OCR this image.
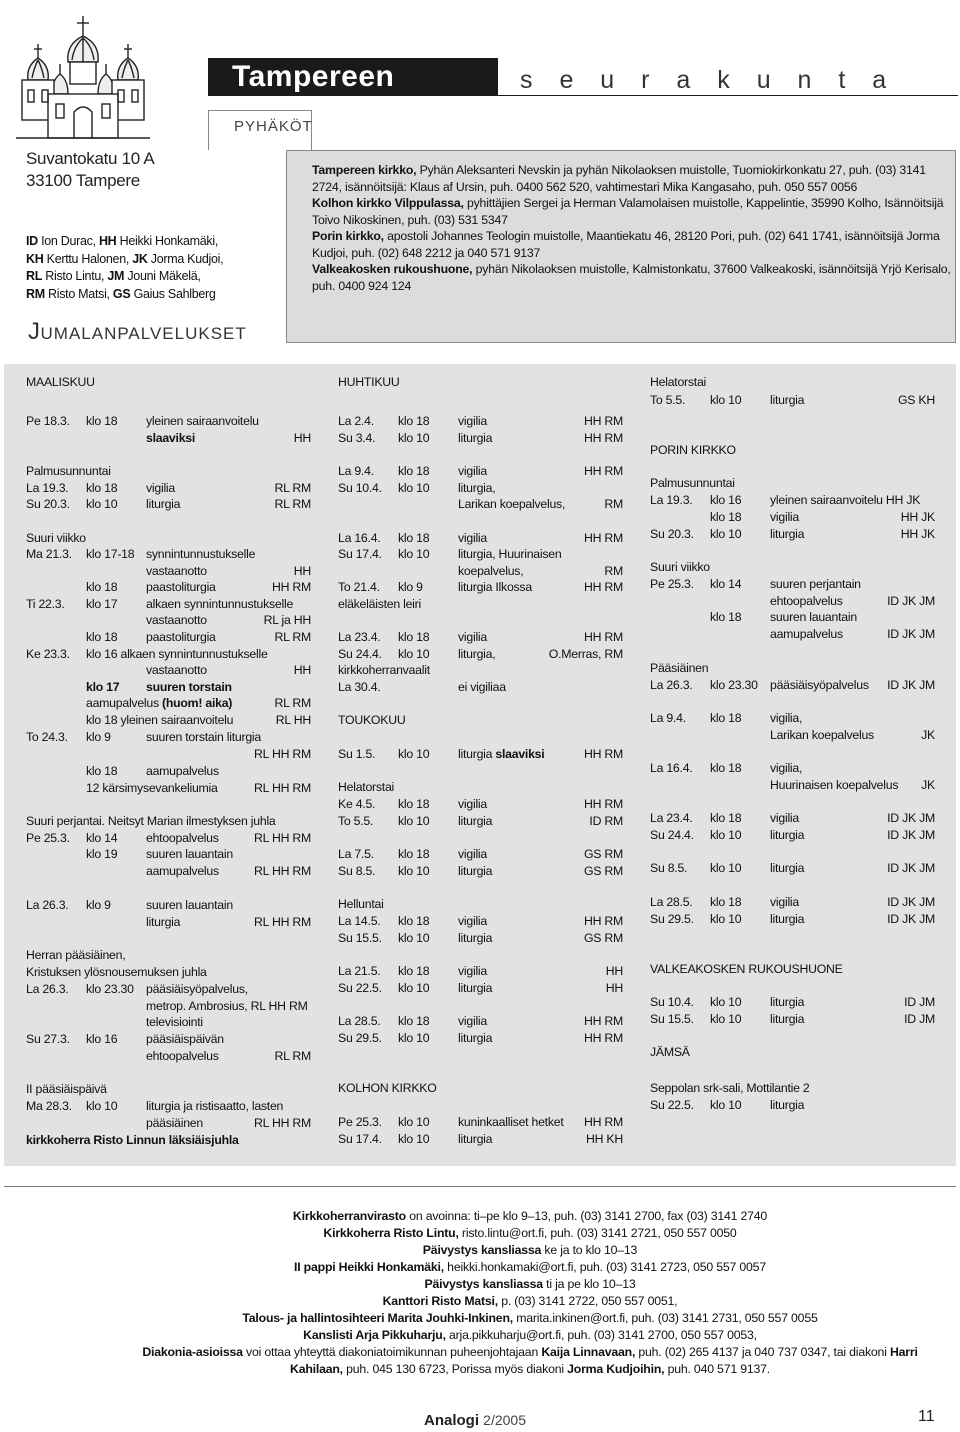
Tampereen	s e u r a k u n t a
Suvantokatu 10 A
33100 Tampere
ID Ion Durac, HH Heikki Honkamäki,
KH Kerttu Halonen, JK Jorma Kudjoi,
RL Risto Lintu, JM Jouni Mäkelä,
RM Risto Matsi, GS Gaius Sahlberg
JUMALANPALVELUKSET
PYHÄKÖT

Tampereen kirkko, Pyhän Aleksanteri Nevskin ja pyhän Nikolaoksen muistolle, Tuomiokirkonkatu 27, puh. (03) 3141 2724, isännöitsijä: Klaus af Ursin, puh. 0400 562 520, vahtimestari Mika Kangasaho, puh. 050 557 0056

Kolhon kirkko Vilppulassa, pyhittäjien Sergei ja Herman Valamolaisen muistolle, Kappelintie, 35990 Kolho, Isännöitsijä Toivo Nikoskinen, puh. (03) 531 5347

Porin kirkko, apostoli Johannes Teologin muistolle, Maantiekatu 46, 28120 Pori, puh. (02) 641 1741, isännöitsijä Jorma Kudjoi, puh. (02) 648 2212 ja 040 571 9137

Valkeakosken rukoushuone, pyhän Nikolaoksen muistolle, Kalmistonkatu, 37600 Valkeakoski, isännöitsijä Yrjö Kerisalo, puh. 0400 924 124

MAALISKUU
Pe 18.3. klo 18 yleinen sairaanvoitelu
slaaviksi	HH
Palmusunnuntai
La 19.3. klo 18 vigilia	RL RM
Su 20.3. klo 10 liturgia	RL RM
Suuri viikko
Ma 21.3. klo 17-18 synnintunnustukselle
vastaanotto	HH
klo 18 paastoliturgia	HH RM
Ti 22.3. klo 17 alkaen synnintunnustukselle
vastaanotto	RL ja HH
klo 18 paastoliturgia	RL RM
Ke 23.3. klo 16 alkaen synnintunnustukselle
vastaanotto	HH
klo 17 suuren torstain
aamupalvelus (huom! aika)	RL RM
klo 18 yleinen sairaanvoitelu	RL HH
To 24.3. klo 9	suuren torstain liturgia
RL HH RM
klo 18 aamupalvelus
12 kärsimysevankeliumia	RL HH RM
Suuri perjantai. Neitsyt Marian ilmestyksen juhla
Pe 25.3. klo 14 ehtoopalvelus	RL HH RM
klo 19 suuren lauantain
aamupalvelus	RL HH RM
La 26.3. klo 9	suuren lauantain
liturgia	RL HH RM
Herran pääsiäinen,
Kristuksen ylösnousemuksen juhla
La 26.3. klo 23.30 pääsiäisyöpalvelus,
metrop. Ambrosius, RL HH RM
televisiointi
Su 27.3. klo 16 pääsiäispäivän
ehtoopalvelus	RL RM
II pääsiäispäivä
Ma 28.3. klo 10 liturgia ja ristisaatto, lasten
pääsiäinen	RL HH RM
kirkkoherra Risto Linnun läksiäisjuhla
HUHTIKUU
La 2.4. klo 18 vigilia	HH RM
Su 3.4. klo 10 liturgia	HH RM
La 9.4. klo 18 vigilia	HH RM
Su 10.4. klo 10 liturgia,
Larikan koepalvelus,	RM
La 16.4. klo 18 vigilia	HH RM
Su 17.4. klo 10 liturgia, Huurinaisen
koepalvelus,	RM
To 21.4. klo 9	liturgia Ilkossa	HH RM
eläkeläisten leiri
La 23.4. klo 18 vigilia	HH RM
Su 24.4. klo 10 liturgia,	O.Merras, RM
kirkkoherranvaalit
La 30.4.	ei vigiliaa
TOUKOKUU
Su 1.5. klo 10 liturgia slaaviksi	HH RM
Helatorstai
Ke 4.5. klo 18 vigilia	HH RM
To 5.5. klo 10 liturgia	ID RM
La 7.5. klo 18 vigilia	GS RM
Su 8.5. klo 10 liturgia	GS RM
Helluntai
La 14.5. klo 18 vigilia	HH RM
Su 15.5. klo 10 liturgia	GS RM
La 21.5. klo 18 vigilia	HH
Su 22.5. klo 10 liturgia	HH
La 28.5. klo 18 vigilia	HH RM
Su 29.5. klo 10 liturgia	HH RM
KOLHON KIRKKO
Pe 25.3. klo 10 kuninkaalliset hetket HH RM
Su 17.4. klo 10 liturgia	HH KH
Helatorstai
To 5.5. klo 10 liturgia	GS KH
PORIN KIRKKO
Palmusunnuntai
La 19.3. klo 16 yleinen sairaanvoitelu HH JK
klo 18 vigilia	HH JK
Su 20.3. klo 10 liturgia	HH JK
Suuri viikko
Pe 25.3. klo 14 suuren perjantain
ehtoopalvelus	ID JK JM
klo 18 suuren lauantain
aamupalvelus	ID JK JM
Pääsiäinen
La 26.3. klo 23.30 pääsiäisyöpalvelus ID JK JM
La 9.4. klo 18 vigilia,
Larikan koepalvelus	JK
La 16.4. klo 18 vigilia,
Huurinaisen koepalvelus JK
La 23.4. klo 18 vigilia	ID JK JM
Su 24.4. klo 10 liturgia	ID JK JM
Su 8.5. klo 10 liturgia	ID JK JM
La 28.5. klo 18 vigilia	ID JK JM
Su 29.5. klo 10 liturgia	ID JK JM
VALKEAKOSKEN RUKOUSHUONE
Su 10.4. klo 10 liturgia	ID JM
Su 15.5. klo 10 liturgia	ID JM
JÄMSÄ
Seppolan srk-sali, Mottilantie 2
Su 22.5. klo 10 liturgia

Kirkkoherranvirasto on avoinna: ti–pe klo 9–13, puh. (03) 3141 2700, fax (03) 3141 2740

Kirkkoherra Risto Lintu, risto.lintu@ort.fi, puh. (03) 3141 2721, 050 557 0050

Päivystys kansliassa ke ja to klo 10–13

II pappi Heikki Honkamäki, heikki.honkamaki@ort.fi, puh. (03) 3141 2723, 050 557 0057

Päivystys kansliassa ti ja pe klo 10–13

Kanttori Risto Matsi, p. (03) 3141 2722, 050 557 0051,

Talous- ja hallintosihteeri Marita Jouhki-Inkinen, marita.inkinen@ort.fi, puh. (03) 3141 2731, 050 557 0055

Kanslisti Arja Pikkuharju, arja.pikkuharju@ort.fi, puh. (03) 3141 2700, 050 557 0053,

Diakonia-asioissa voi ottaa yhteyttä diakoniatoimikunnan puheenjohtajaan Kaija Linnavaan, puh. (02) 265 4137 ja 040 737 0347, tai diakoni Harri

Kahilaan, puh. 045 130 6723, Porissa myös diakoni Jorma Kudjoihin, puh. 040 571 9137.

Analogi 2/2005	11
